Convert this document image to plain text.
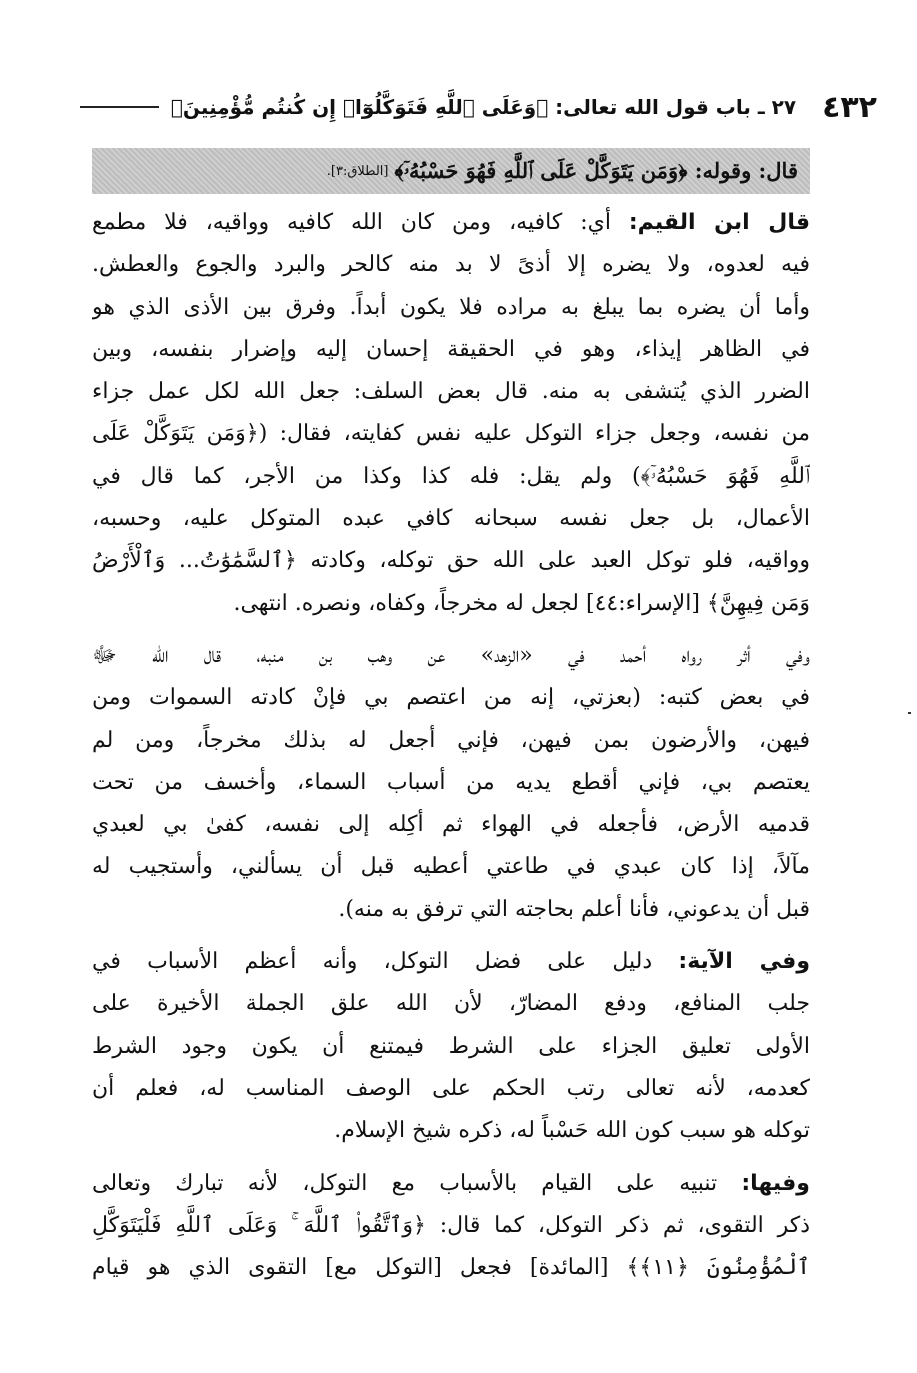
٤٣٢
٢٧ ـ باب قول الله تعالى: ﴿وَعَلَى ٱللَّهِ فَتَوَكَّلُوٓا۟ إِن كُنتُم مُّؤْمِنِينَ﴾
قال: وقوله: ﴿وَمَن يَتَوَكَّلْ عَلَى ٱللَّهِ فَهُوَ حَسْبُهُۥٓ﴾
[الطلاق:٣].

قال ابن القيم: أي: كافيه، ومن كان الله كافيه وواقيه، فلا مطمع
فيه لعدوه، ولا يضره إلا أذىً لا بد منه كالحر والبرد والجوع والعطش.
وأما أن يضره بما يبلغ به مراده فلا يكون أبداً. وفرق بين الأذى الذي هو
في الظاهر إيذاء، وهو في الحقيقة إحسان إليه وإضرار بنفسه، وبين
الضرر الذي يُتشفى به منه. قال بعض السلف: جعل الله لكل عمل جزاء
من نفسه، وجعل جزاء التوكل عليه نفس كفايته، فقال: (﴿وَمَن يَتَوَكَّلْ عَلَى
ٱللَّهِ فَهُوَ حَسْبُهُۥٓ﴾) ولم يقل: فله كذا وكذا من الأجر، كما قال في
الأعمال، بل جعل نفسه سبحانه كافي عبده المتوكل عليه، وحسبه،
وواقيه، فلو توكل العبد على الله حق توكله، وكادته ﴿ٱلسَّمَٰوَٰتُ... وَٱلْأَرْضُ
وَمَن فِيهِنَّ﴾ [الإسراء:٤٤] لجعل له مخرجاً، وكفاه، ونصره. انتهى.

وفي أثر رواه أحمد في «الزهد» عن وهب بن منبه، قال الله ﷻ
في بعض كتبه: (بعزتي، إنه من اعتصم بي فإنْ كادته السموات ومن
فيهن، والأرضون بمن فيهن، فإني أجعل له بذلك مخرجاً، ومن لم
يعتصم بي، فإني أقطع يديه من أسباب السماء، وأخسف من تحت
قدميه الأرض، فأجعله في الهواء ثم أكِله إلى نفسه، كفىٰ بي لعبدي
مآلاً، إذا كان عبدي في طاعتي أعطيه قبل أن يسألني، وأستجيب له
قبل أن يدعوني، فأنا أعلم بحاجته التي ترفق به منه).

وفي الآية: دليل على فضل التوكل، وأنه أعظم الأسباب في
جلب المنافع، ودفع المضارّ، لأن الله علق الجملة الأخيرة على
الأولى تعليق الجزاء على الشرط فيمتنع أن يكون وجود الشرط
كعدمه، لأنه تعالى رتب الحكم على الوصف المناسب له، فعلم أن
توكله هو سبب كون الله حَسْباً له، ذكره شيخ الإسلام.

وفيها: تنبيه على القيام بالأسباب مع التوكل، لأنه تبارك وتعالى
ذكر التقوى، ثم ذكر التوكل، كما قال: ﴿وَٱتَّقُوا۟ ٱللَّهَ ۚ وَعَلَى ٱللَّهِ فَلْيَتَوَكَّلِ
ٱلْمُؤْمِنُونَ ﴿١١﴾﴾ [المائدة] فجعل [التوكل مع] التقوى الذي هو قيام
